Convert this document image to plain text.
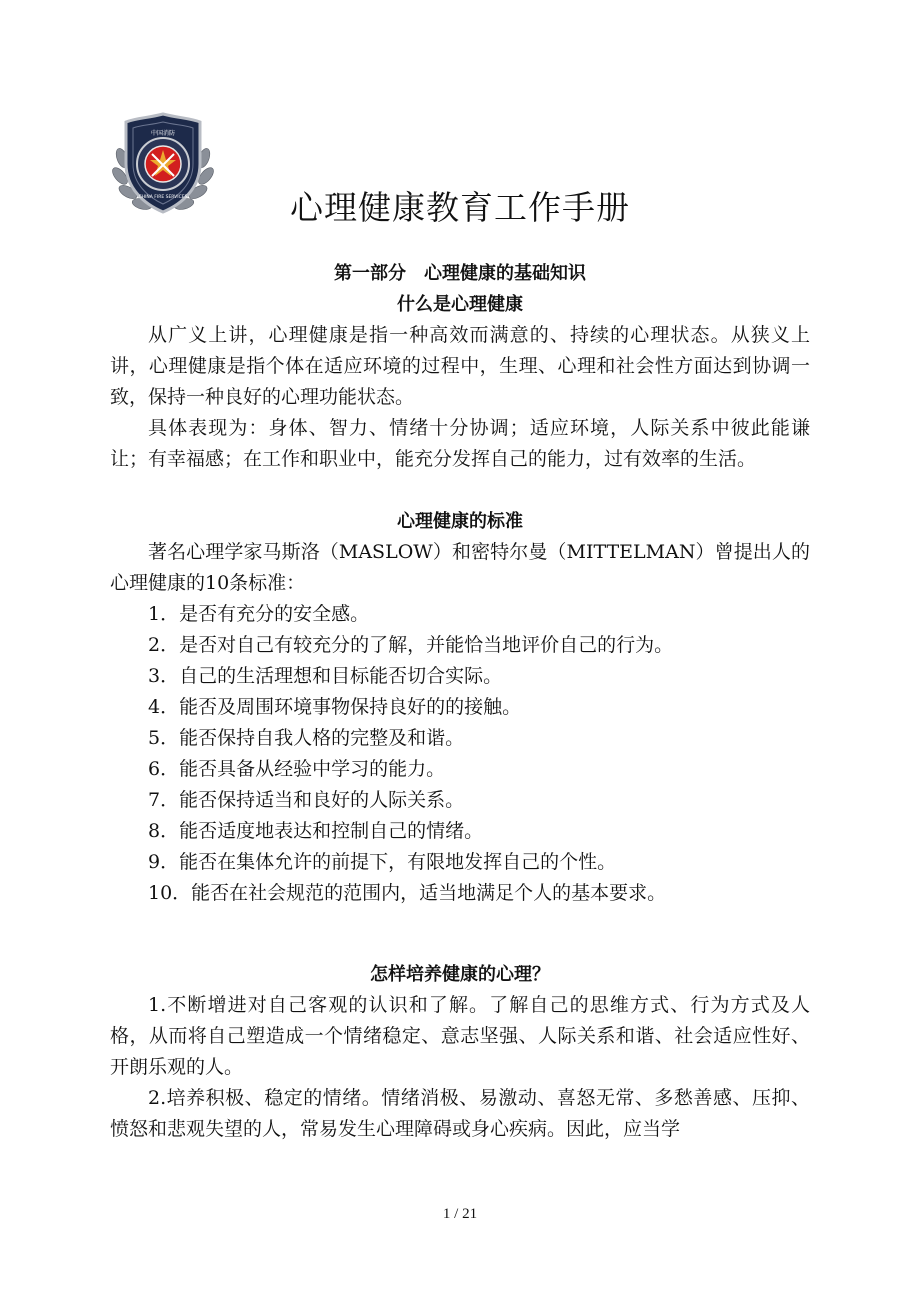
中国消防
CHINA FIRE SERVICES	心理健康教育工作手册
第一部分　心理健康的基础知识
什么是心理健康

从广义上讲，心理健康是指一种高效而满意的、持续的心理状态。从狭义上讲，心理健康是指个体在适应环境的过程中，生理、心理和社会性方面达到协调一致，保持一种良好的心理功能状态。

具体表现为：身体、智力、情绪十分协调；适应环境，人际关系中彼此能谦让；有幸福感；在工作和职业中，能充分发挥自己的能力，过有效率的生活。

心理健康的标准

著名心理学家马斯洛（MASLOW）和密特尔曼（MITTELMAN）曾提出人的心理健康的10条标准：

1．是否有充分的安全感。

2．是否对自己有较充分的了解，并能恰当地评价自己的行为。

3．自己的生活理想和目标能否切合实际。

4．能否及周围环境事物保持良好的的接触。

5．能否保持自我人格的完整及和谐。

6．能否具备从经验中学习的能力。

7．能否保持适当和良好的人际关系。

8．能否适度地表达和控制自己的情绪。

9．能否在集体允许的前提下，有限地发挥自己的个性。

10．能否在社会规范的范围内，适当地满足个人的基本要求。

怎样培养健康的心理？

1.不断增进对自己客观的认识和了解。了解自己的思维方式、行为方式及人格，从而将自己塑造成一个情绪稳定、意志坚强、人际关系和谐、社会适应性好、开朗乐观的人。

2.培养积极、稳定的情绪。情绪消极、易激动、喜怒无常、多愁善感、压抑、愤怒和悲观失望的人，常易发生心理障碍或身心疾病。因此，应当学

1 / 21
